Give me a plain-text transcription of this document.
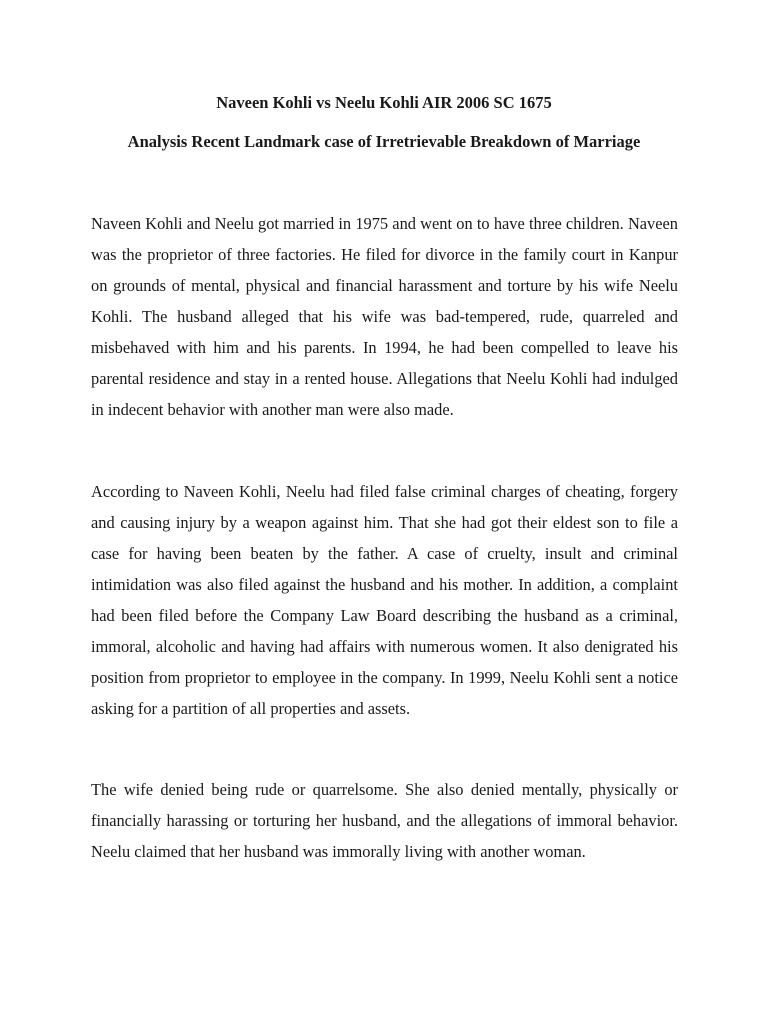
Naveen Kohli vs Neelu Kohli AIR 2006 SC 1675
Analysis Recent Landmark case of Irretrievable Breakdown of Marriage

Naveen Kohli and Neelu got married in 1975 and went on to have three children. Naveen was the proprietor of three factories. He filed for divorce in the family court in Kanpur on grounds of mental, physical and financial harassment and torture by his wife Neelu Kohli. The husband alleged that his wife was bad-tempered, rude, quarreled and misbehaved with him and his parents. In 1994, he had been compelled to leave his parental residence and stay in a rented house. Allegations that Neelu Kohli had indulged in indecent behavior with another man were also made.

According to Naveen Kohli, Neelu had filed false criminal charges of cheating, forgery and causing injury by a weapon against him. That she had got their eldest son to file a case for having been beaten by the father. A case of cruelty, insult and criminal intimidation was also filed against the husband and his mother. In addition, a complaint had been filed before the Company Law Board describing the husband as a criminal, immoral, alcoholic and having had affairs with numerous women. It also denigrated his position from proprietor to employee in the company. In 1999, Neelu Kohli sent a notice asking for a partition of all properties and assets.

The wife denied being rude or quarrelsome. She also denied mentally, physically or financially harassing or torturing her husband, and the allegations of immoral behavior. Neelu claimed that her husband was immorally living with another woman.
